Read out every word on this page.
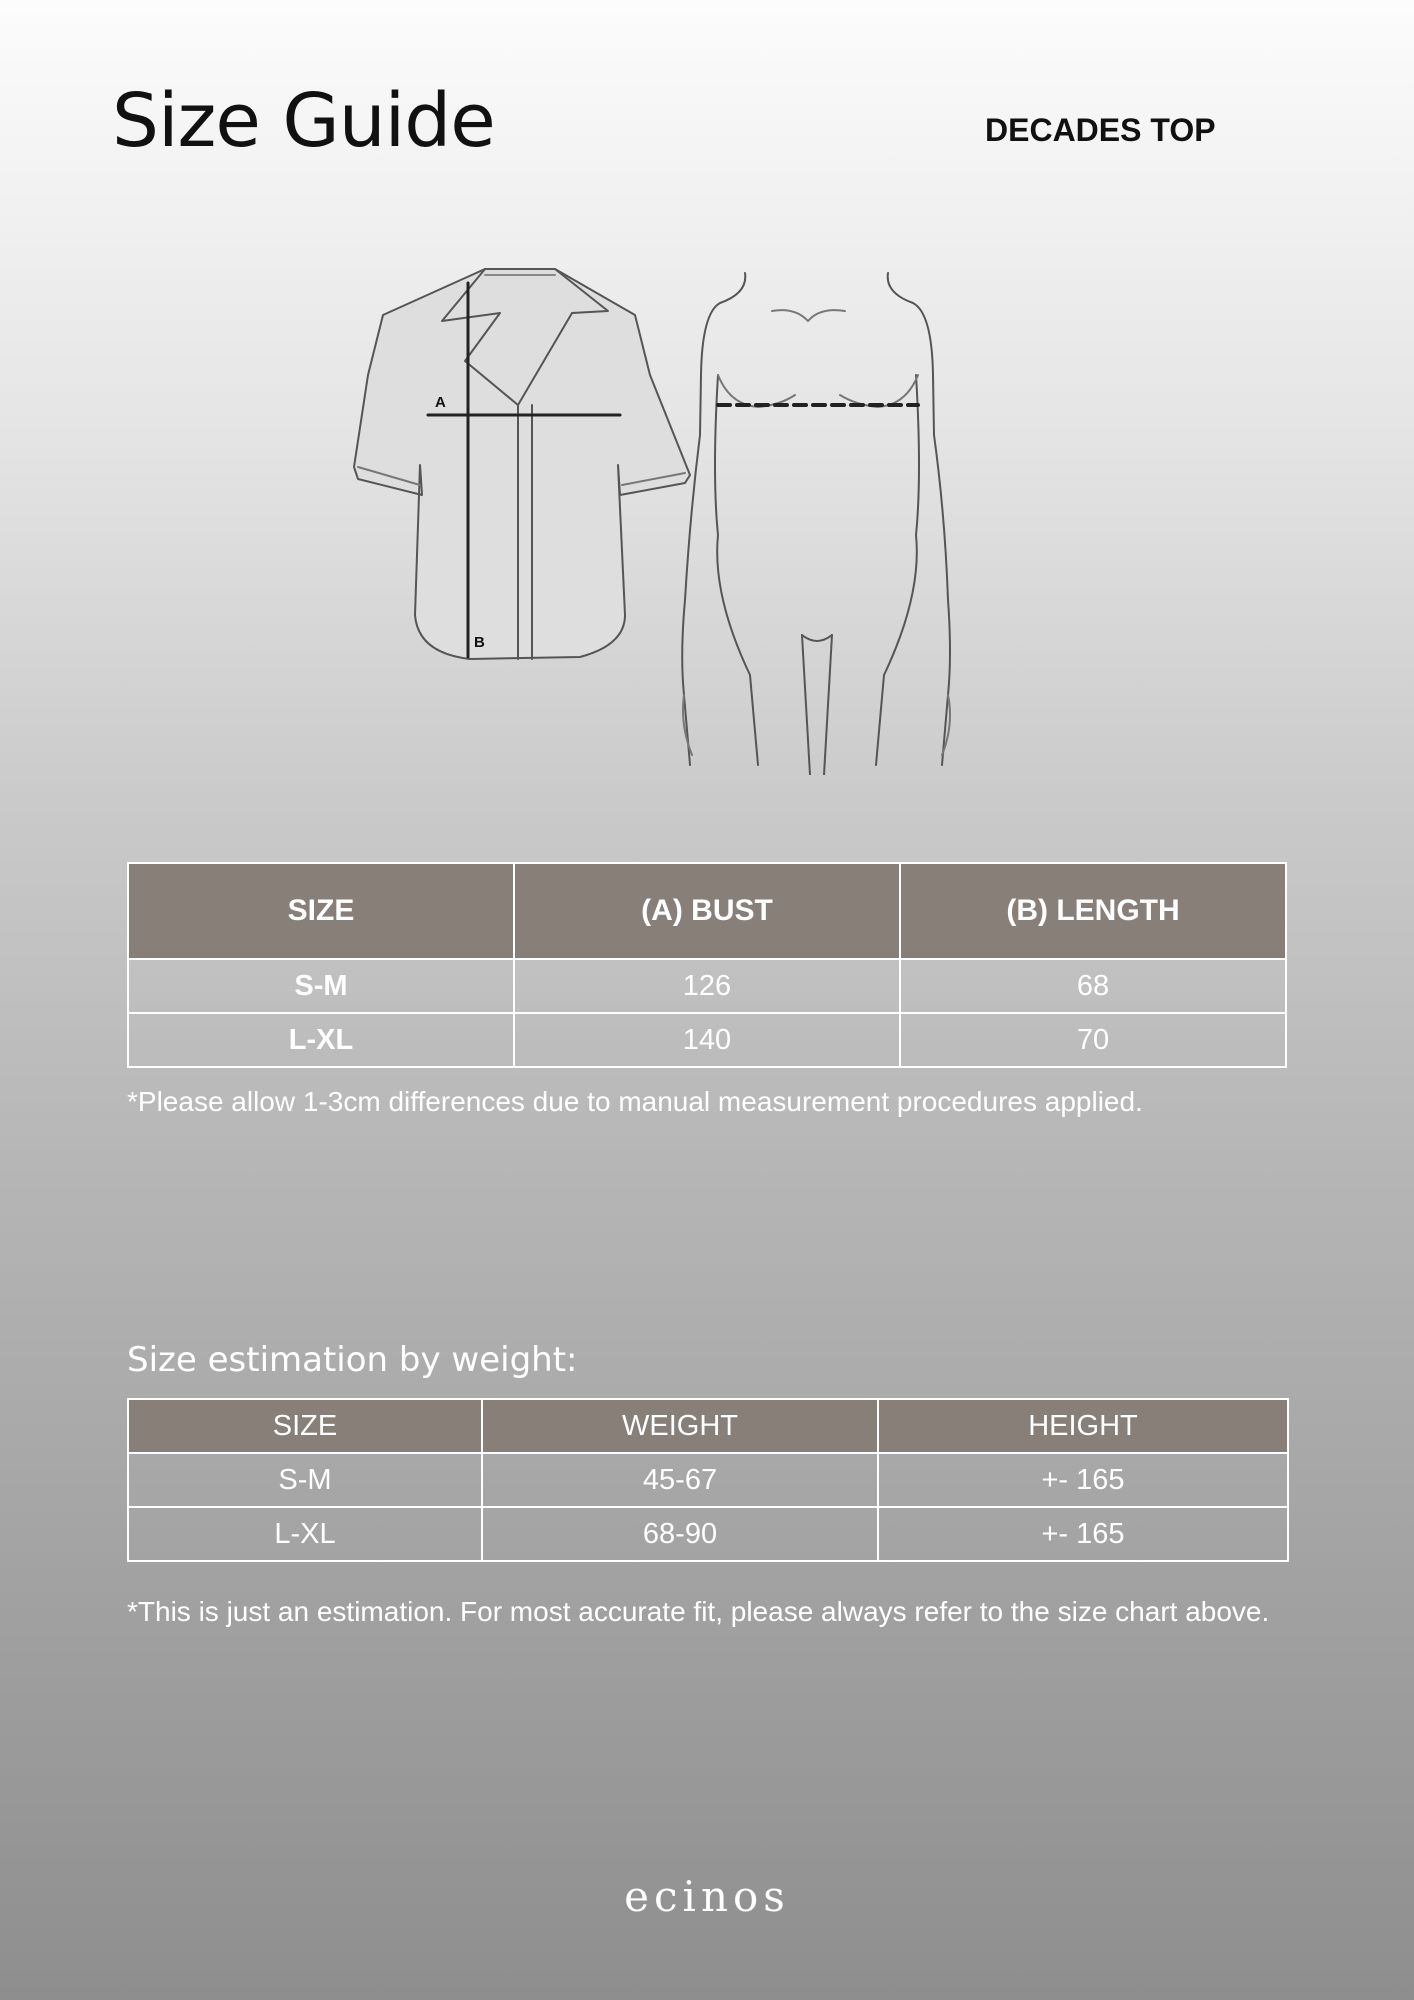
Size Guide	DECADES TOP
A
B
SIZE	(A) BUST	(B) LENGTH
S-M	126	68
L-XL	140	70
*Please allow 1-3cm differences due to manual measurement procedures applied.
Size estimation by weight:
SIZE	WEIGHT	HEIGHT
S-M	45-67	+- 165
L-XL	68-90	+- 165
*This is just an estimation. For most accurate fit, please always refer to the size chart above.
ecinos
